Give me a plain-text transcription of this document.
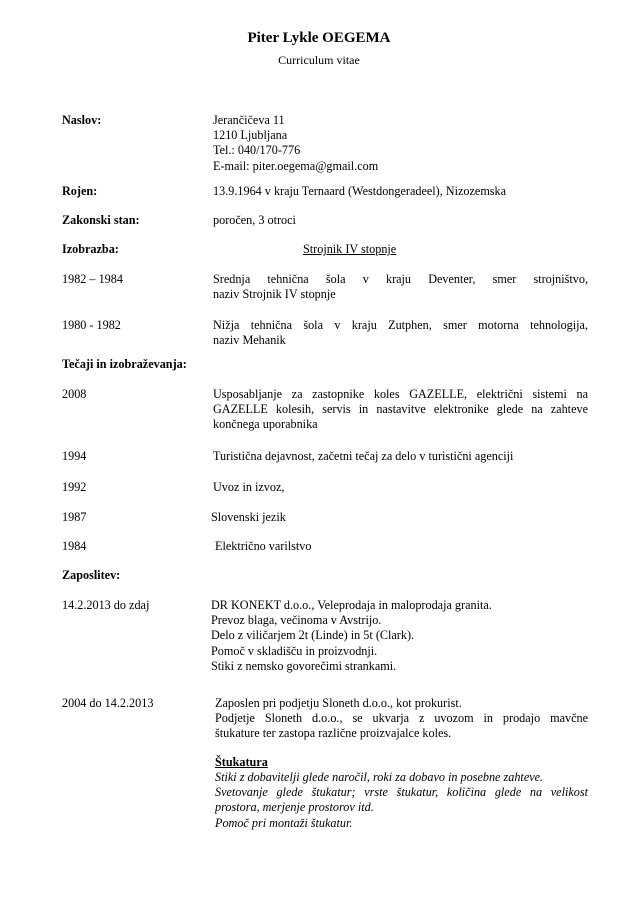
Piter Lykle OEGEMA
Curriculum vitae
Naslov:	Jerančičeva 11
1210 Ljubljana
Tel.: 040/170-776
E-mail: piter.oegema@gmail.com
Rojen:	13.9.1964 v kraju Ternaard (Westdongeradeel), Nizozemska
Zakonski stan:	poročen, 3 otroci
Izobrazba:	Strojnik IV stopnje
1982 – 1984	Srednja tehnična šola v kraju Deventer, smer strojništvo,
naziv Strojnik IV stopnje
1980 - 1982	Nižja tehnična šola v kraju Zutphen, smer motorna tehnologija,
naziv Mehanik
Tečaji in izobraževanja:
2008	Usposabljanje za zastopnike koles GAZELLE, električni sistemi na
GAZELLE kolesih, servis in nastavitve elektronike glede na zahteve
končnega uporabnika
1994	Turistična dejavnost, začetni tečaj za delo v turistični agenciji
1992	Uvoz in izvoz,
1987	Slovenski jezik
1984	Električno varilstvo
Zaposlitev:
14.2.2013 do zdaj	DR KONEKT d.o.o., Veleprodaja in maloprodaja granita.
Prevoz blaga, večinoma v Avstrijo.
Delo z viličarjem 2t (Linde) in 5t (Clark).
Pomoč v skladišču in proizvodnji.
Stiki z nemsko govorečimi strankami.
2004 do 14.2.2013	Zaposlen pri podjetju Sloneth d.o.o., kot prokurist.
Podjetje Sloneth d.o.o., se ukvarja z uvozom in prodajo mavčne
štukature ter zastopa različne proizvajalce koles.
Štukatura
Stiki z dobavitelji glede naročil, roki za dobavo in posebne zahteve.
Svetovanje glede štukatur; vrste štukatur, količina glede na velikost
prostora, merjenje prostorov itd.
Pomoč pri montaži štukatur.
